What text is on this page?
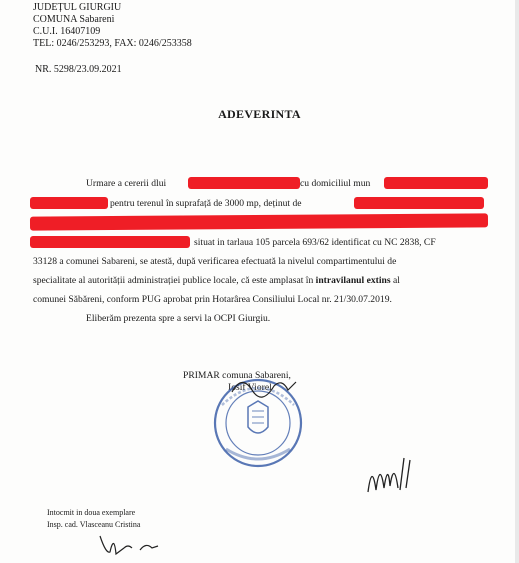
JUDEȚUL GIURGIU
COMUNA Sabareni
C.U.I. 16407109
TEL: 0246/253293, FAX: 0246/253358
NR. 5298/23.09.2021
ADEVERINTA
Urmare a cererii dlui	cu domiciliul mun
pentru terenul în suprafață de 3000 mp, deținut de
situat in tarlaua 105 parcela 693/62 identificat cu NC 2838, CF
33128 a comunei Sabareni, se atestă, după verificarea efectuată la nivelul compartimentului de
specialitate al autorității administrației publice locale, că este amplasat în intravilanul extins al
comunei Săbăreni, conform PUG aprobat prin Hotarârea Consiliului Local nr. 21/30.07.2019.
Eliberăm prezenta spre a servi la OCPI Giurgiu.
PRIMAR comuna Sabareni,
Iosif Viorel
Intocmit in doua exemplare
Insp. cad. Vlasceanu Cristina
